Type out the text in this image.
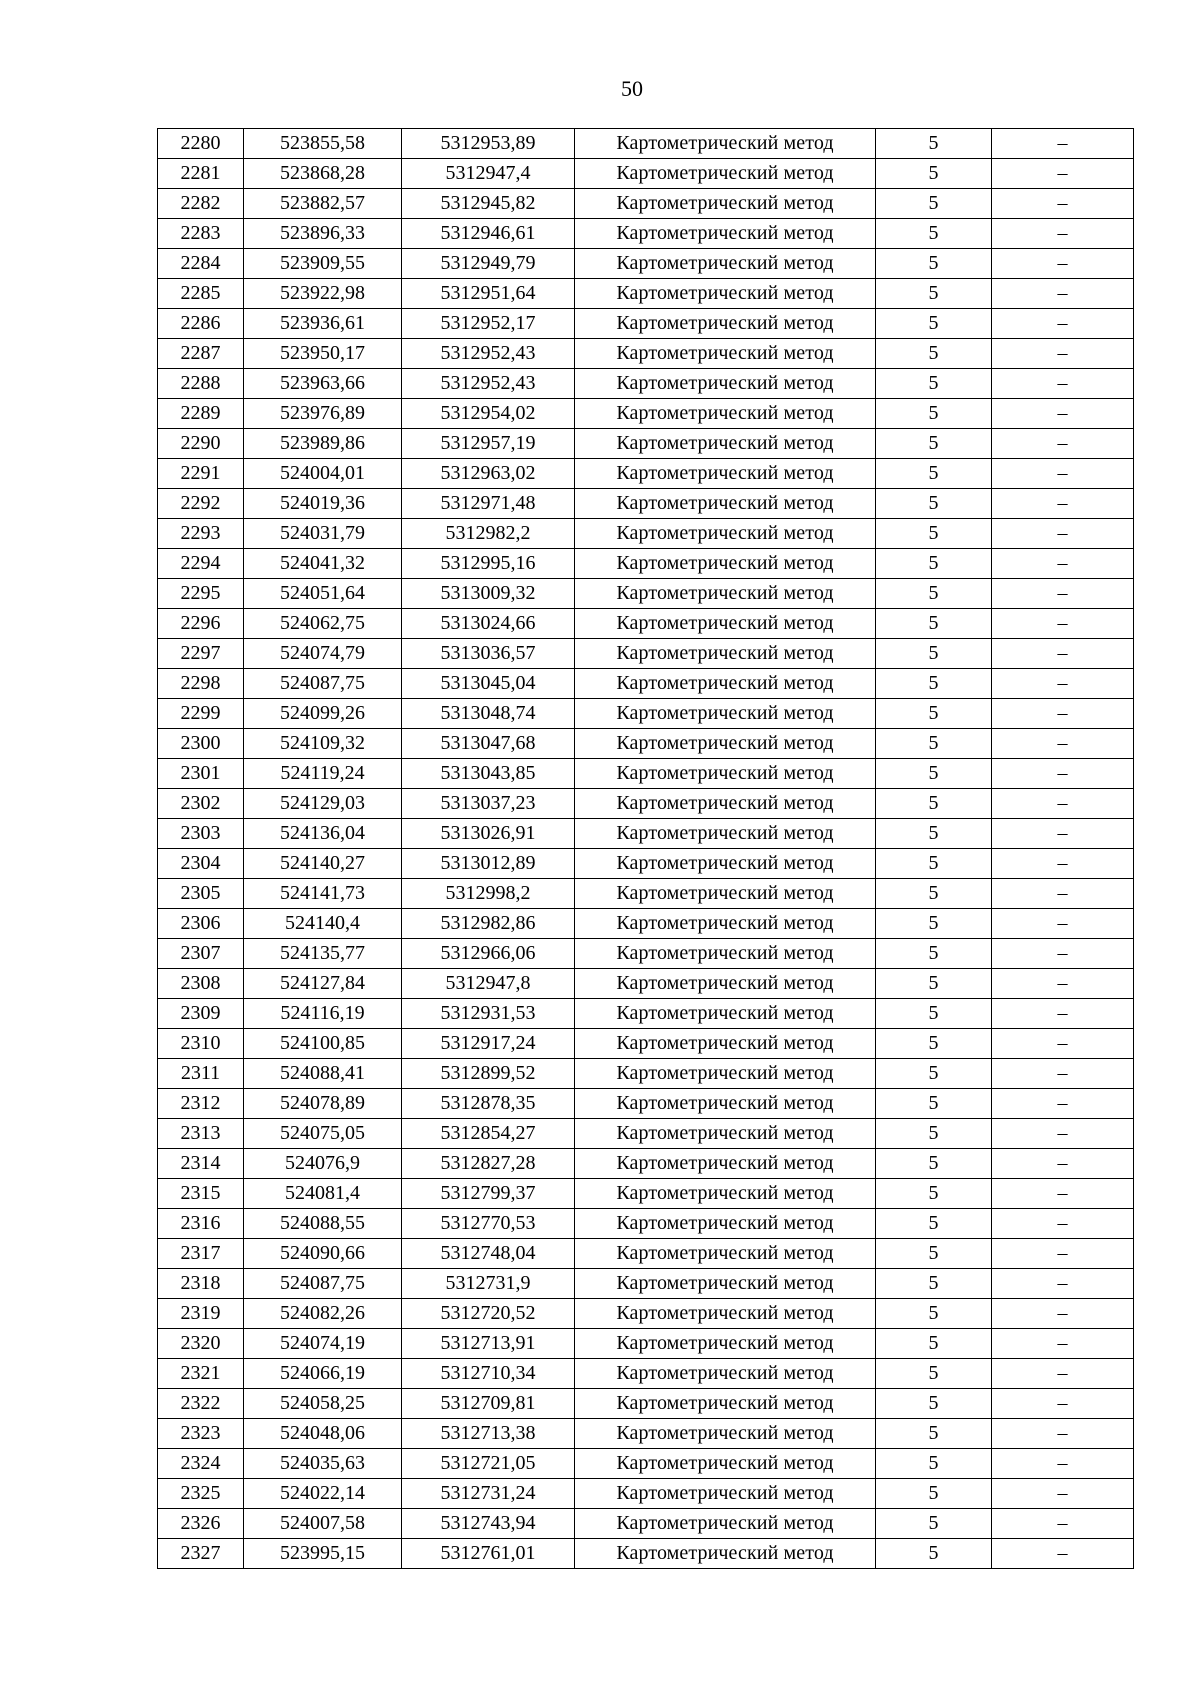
50
2280	523855,58	5312953,89	Картометрический метод	5	–
2281	523868,28	5312947,4	Картометрический метод	5	–
2282	523882,57	5312945,82	Картометрический метод	5	–
2283	523896,33	5312946,61	Картометрический метод	5	–
2284	523909,55	5312949,79	Картометрический метод	5	–
2285	523922,98	5312951,64	Картометрический метод	5	–
2286	523936,61	5312952,17	Картометрический метод	5	–
2287	523950,17	5312952,43	Картометрический метод	5	–
2288	523963,66	5312952,43	Картометрический метод	5	–
2289	523976,89	5312954,02	Картометрический метод	5	–
2290	523989,86	5312957,19	Картометрический метод	5	–
2291	524004,01	5312963,02	Картометрический метод	5	–
2292	524019,36	5312971,48	Картометрический метод	5	–
2293	524031,79	5312982,2	Картометрический метод	5	–
2294	524041,32	5312995,16	Картометрический метод	5	–
2295	524051,64	5313009,32	Картометрический метод	5	–
2296	524062,75	5313024,66	Картометрический метод	5	–
2297	524074,79	5313036,57	Картометрический метод	5	–
2298	524087,75	5313045,04	Картометрический метод	5	–
2299	524099,26	5313048,74	Картометрический метод	5	–
2300	524109,32	5313047,68	Картометрический метод	5	–
2301	524119,24	5313043,85	Картометрический метод	5	–
2302	524129,03	5313037,23	Картометрический метод	5	–
2303	524136,04	5313026,91	Картометрический метод	5	–
2304	524140,27	5313012,89	Картометрический метод	5	–
2305	524141,73	5312998,2	Картометрический метод	5	–
2306	524140,4	5312982,86	Картометрический метод	5	–
2307	524135,77	5312966,06	Картометрический метод	5	–
2308	524127,84	5312947,8	Картометрический метод	5	–
2309	524116,19	5312931,53	Картометрический метод	5	–
2310	524100,85	5312917,24	Картометрический метод	5	–
2311	524088,41	5312899,52	Картометрический метод	5	–
2312	524078,89	5312878,35	Картометрический метод	5	–
2313	524075,05	5312854,27	Картометрический метод	5	–
2314	524076,9	5312827,28	Картометрический метод	5	–
2315	524081,4	5312799,37	Картометрический метод	5	–
2316	524088,55	5312770,53	Картометрический метод	5	–
2317	524090,66	5312748,04	Картометрический метод	5	–
2318	524087,75	5312731,9	Картометрический метод	5	–
2319	524082,26	5312720,52	Картометрический метод	5	–
2320	524074,19	5312713,91	Картометрический метод	5	–
2321	524066,19	5312710,34	Картометрический метод	5	–
2322	524058,25	5312709,81	Картометрический метод	5	–
2323	524048,06	5312713,38	Картометрический метод	5	–
2324	524035,63	5312721,05	Картометрический метод	5	–
2325	524022,14	5312731,24	Картометрический метод	5	–
2326	524007,58	5312743,94	Картометрический метод	5	–
2327	523995,15	5312761,01	Картометрический метод	5	–
